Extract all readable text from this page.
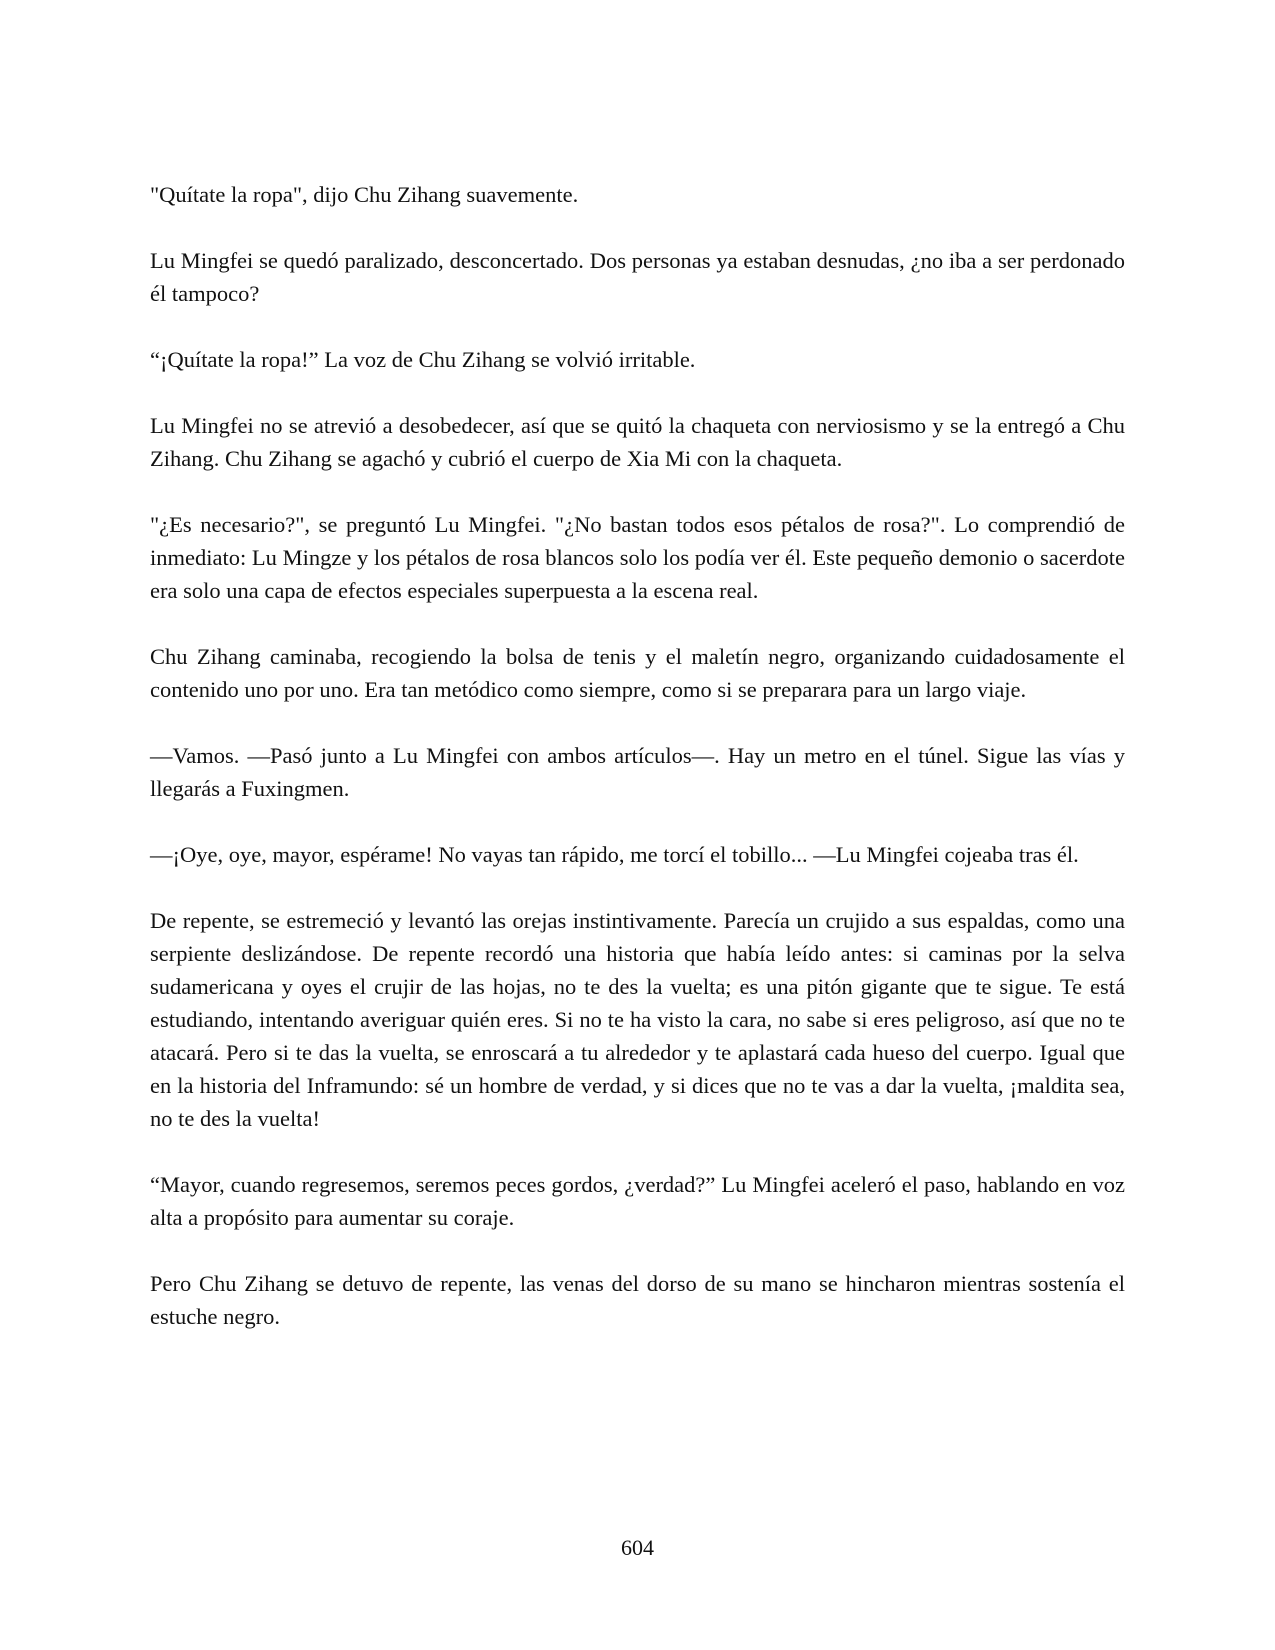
"Quítate la ropa", dijo Chu Zihang suavemente.

Lu Mingfei se quedó paralizado, desconcertado. Dos personas ya estaban desnudas, ¿no iba a ser perdonado él tampoco?

“¡Quítate la ropa!” La voz de Chu Zihang se volvió irritable.

Lu Mingfei no se atrevió a desobedecer, así que se quitó la chaqueta con nerviosismo y se la entregó a Chu Zihang. Chu Zihang se agachó y cubrió el cuerpo de Xia Mi con la chaqueta.

"¿Es necesario?", se preguntó Lu Mingfei. "¿No bastan todos esos pétalos de rosa?". Lo comprendió de inmediato: Lu Mingze y los pétalos de rosa blancos solo los podía ver él. Este pequeño demonio o sacerdote era solo una capa de efectos especiales superpuesta a la escena real.

Chu Zihang caminaba, recogiendo la bolsa de tenis y el maletín negro, organizando cuidadosamente el contenido uno por uno. Era tan metódico como siempre, como si se preparara para un largo viaje.

—Vamos. —Pasó junto a Lu Mingfei con ambos artículos—. Hay un metro en el túnel. Sigue las vías y llegarás a Fuxingmen.

—¡Oye, oye, mayor, espérame! No vayas tan rápido, me torcí el tobillo... —Lu Mingfei cojeaba tras él.

De repente, se estremeció y levantó las orejas instintivamente. Parecía un crujido a sus espaldas, como una serpiente deslizándose. De repente recordó una historia que había leído antes: si caminas por la selva sudamericana y oyes el crujir de las hojas, no te des la vuelta; es una pitón gigante que te sigue. Te está estudiando, intentando averiguar quién eres. Si no te ha visto la cara, no sabe si eres peligroso, así que no te atacará. Pero si te das la vuelta, se enroscará a tu alrededor y te aplastará cada hueso del cuerpo. Igual que en la historia del Inframundo: sé un hombre de verdad, y si dices que no te vas a dar la vuelta, ¡maldita sea, no te des la vuelta!

“Mayor, cuando regresemos, seremos peces gordos, ¿verdad?” Lu Mingfei aceleró el paso, hablando en voz alta a propósito para aumentar su coraje.

Pero Chu Zihang se detuvo de repente, las venas del dorso de su mano se hincharon mientras sostenía el estuche negro.

604
